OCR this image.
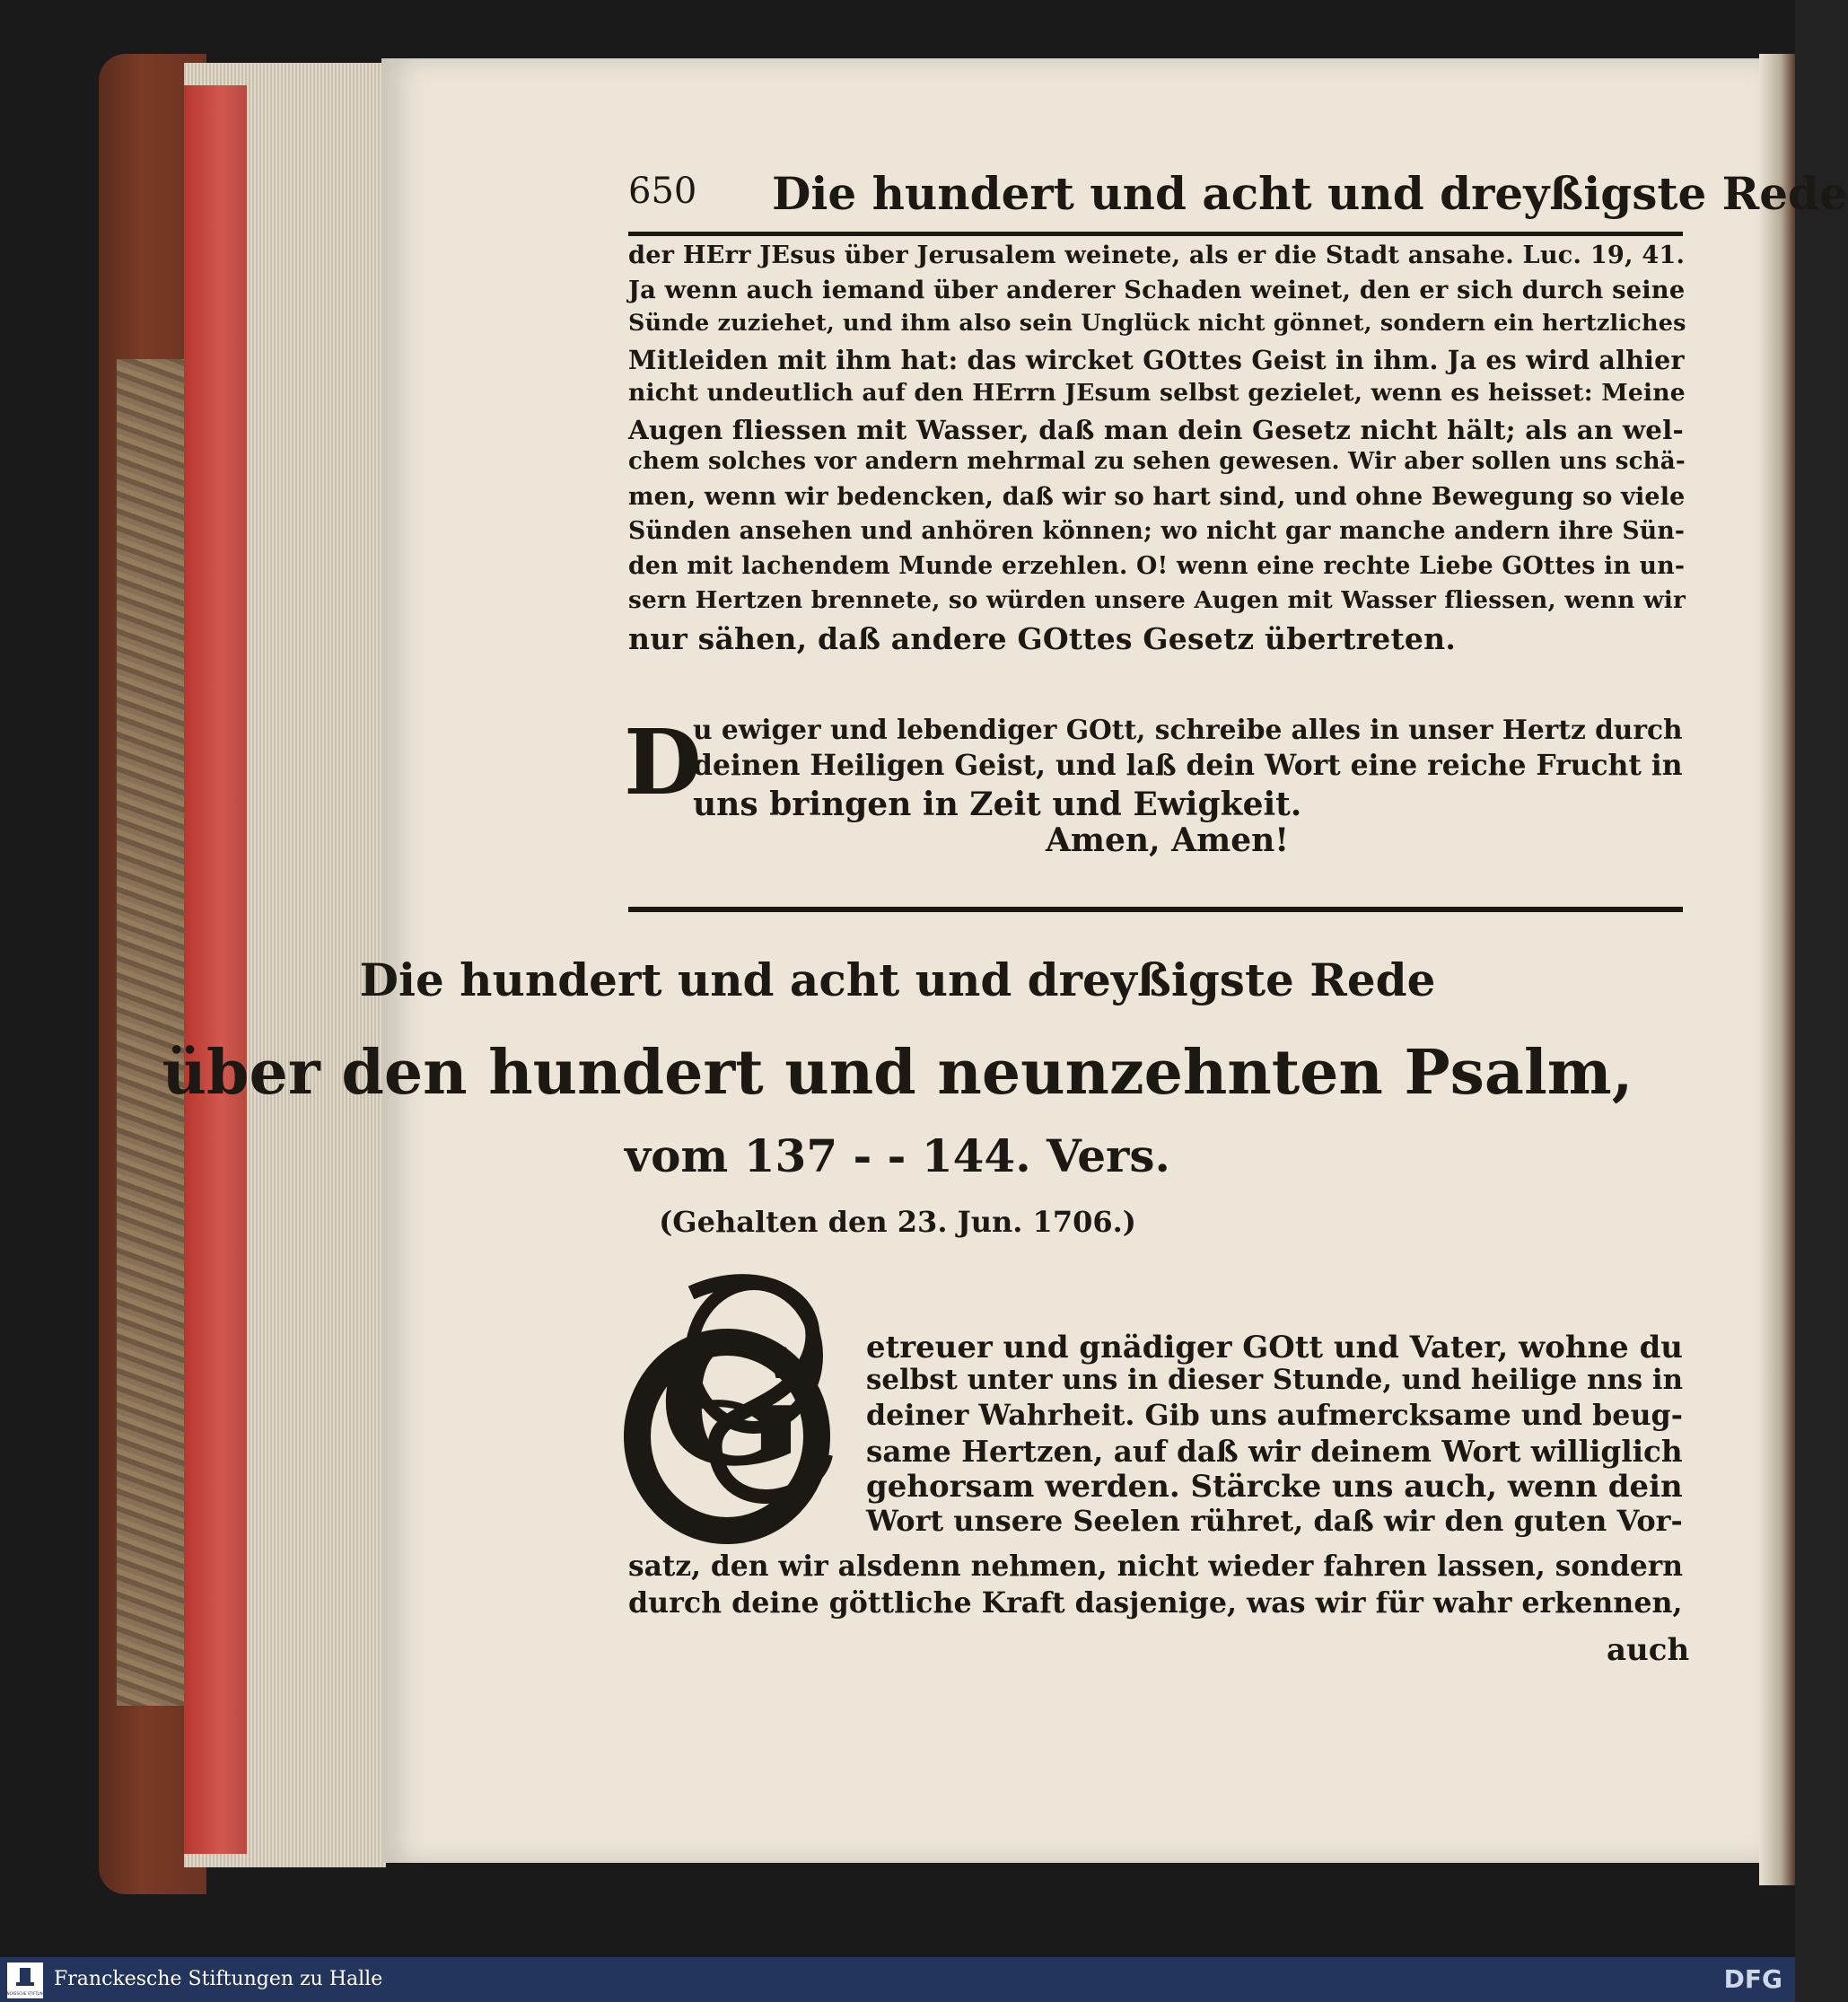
650 Die hundert und acht und dreyßigste Rede
der HErr JEsus über Jerusalem weinete, als er die Stadt ansahe. Luc. 19, 41.
Ja wenn auch iemand über anderer Schaden weinet, den er sich durch seine
Sünde zuziehet, und ihm also sein Unglück nicht gönnet, sondern ein hertzliches
Mitleiden mit ihm hat: das wircket GOttes Geist in ihm. Ja es wird alhier
nicht undeutlich auf den HErrn JEsum selbst gezielet, wenn es heisset: Meine
Augen fliessen mit Wasser, daß man dein Gesetz nicht hält; als an wel-
chem solches vor andern mehrmal zu sehen gewesen. Wir aber sollen uns schä-
men, wenn wir bedencken, daß wir so hart sind, und ohne Bewegung so viele
Sünden ansehen und anhören können; wo nicht gar manche andern ihre Sün-
den mit lachendem Munde erzehlen. O! wenn eine rechte Liebe GOttes in un-
sern Hertzen brennete, so würden unsere Augen mit Wasser fliessen, wenn wir
nur sähen, daß andere GOttes Gesetz übertreten.
D
u ewiger und lebendiger GOtt, schreibe alles in unser Hertz durch
deinen Heiligen Geist, und laß dein Wort eine reiche Frucht in
uns bringen in Zeit und Ewigkeit.
Amen, Amen!
Die hundert und acht und dreyßigste Rede
über den hundert und neunzehnten Psalm,
vom 137 - - 144. Vers.
(Gehalten den 23. Jun. 1706.)
G etreuer und gnädiger GOtt und Vater, wohne du
selbst unter uns in dieser Stunde, und heilige nns in
deiner Wahrheit. Gib uns aufmercksame und beug-
same Hertzen, auf daß wir deinem Wort williglich
gehorsam werden. Stärcke uns auch, wenn dein
Wort unsere Seelen rühret, daß wir den guten Vor-
satz, den wir alsdenn nehmen, nicht wieder fahren lassen, sondern
durch deine göttliche Kraft dasjenige, was wir für wahr erkennen,
auch
FRANCKESCHE STIFTUNGEN
Franckesche Stiftungen zu Halle	DFG
